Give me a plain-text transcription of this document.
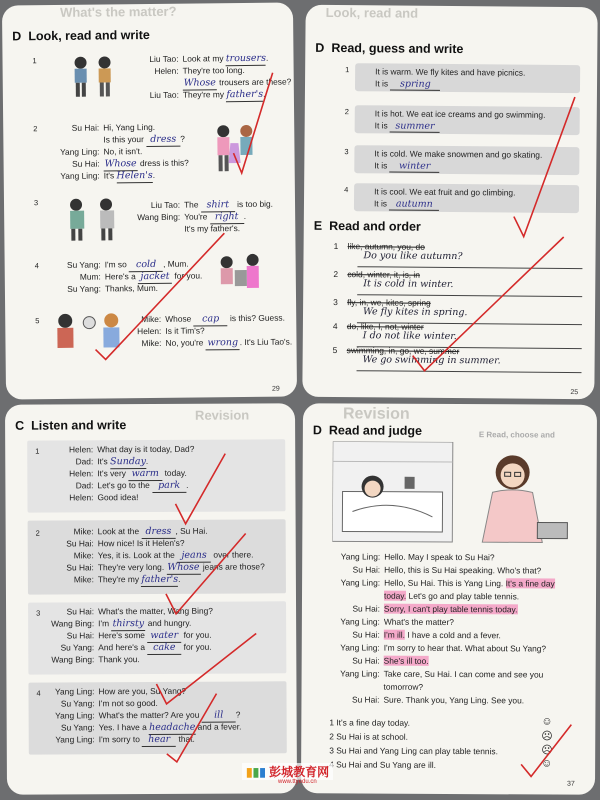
What's the matter?
D Look, read and write
1	Liu Tao: Look at my trousers.
Helen: They're too long.
Whose trousers are these?
Liu Tao: They're my father's.
2	Su Hai: Hi, Yang Ling.
Is this your dress ?
Yang Ling: No, it isn't.
Su Hai: Whose dress is this?
Yang Ling: It's Helen's.
3	Liu Tao: The shirt is too big.
Wang Bing: You're right .
It's my father's.
4	Su Yang: I'm so cold , Mum.
Mum: Here's a jacket for you.
Su Yang: Thanks, Mum.
5	Mike: Whose cap is this? Guess.
Helen: Is it Tim's?
Mike: No, you're wrong . It's Liu Tao's.
29
Look, read and
D Read, guess and write
1	It is warm. We fly kites and have picnics.
It is spring
2	It is hot. We eat ice creams and go swimming.
It is summer
3	It is cold. We make snowmen and go skating.
It is winter
4	It is cool. We eat fruit and go climbing.
It is autumn
E Read and order
1 like, autumn, you, do
Do you like autumn?
2 cold, winter, it, is, in
It is cold in winter.
3 fly, in, we, kites, spring
We fly kites in spring.
4 do, like, I, not, winter
I do not like winter.
5 swimming, in, go, we, summer
We go swimming in summer.
25
Revision
C Listen and write
1	Helen: What day is it today, Dad?
Dad: It's Sunday.
Helen: It's very warm today.
Dad: Let's go to the park .
Helen: Good idea!
2	Mike: Look at the dress , Su Hai.
Su Hai: How nice! Is it Helen's?
Mike: Yes, it is. Look at the jeans over there.
Su Hai: They're very long. Whose jeans are those?
Mike: They're my father's.
3	Su Hai: What's the matter, Wang Bing?
Wang Bing: I'm thirsty and hungry.
Su Hai: Here's some water for you.
Su Yang: And here's a cake for you.
Wang Bing: Thank you.
4 Yang Ling: How are you, Su Yang?
Su Yang: I'm not so good.
Yang Ling: What's the matter? Are you ill ?
Su Yang: Yes. I have a headache and a fever.
Yang Ling: I'm sorry to hear that.
Revision
E Read, choose and
D Read and judge
Yang Ling: Hello. May I speak to Su Hai?
Su Hai: Hello, this is Su Hai speaking. Who's that?
Yang Ling: Hello, Su Hai. This is Yang Ling. It's a fine day
today. Let's go and play table tennis.
Su Hai: Sorry, I can't play table tennis today.
Yang Ling: What's the matter?
Su Hai: I'm ill. I have a cold and a fever.
Yang Ling: I'm sorry to hear that. What about Su Yang?
Su Hai: She's ill too.
Yang Ling: Take care, Su Hai. I can come and see you
tomorrow?
Su Hai: Sure. Thank you, Yang Ling. See you.
1 It's a fine day today.	☺
2 Su Hai is at school.	☹
3 Su Hai and Yang Ling can play table tennis.	☹
Su Hai and Su Yang are ill.	☺
37
▮▮▮ 彭城教育网
www.ttyedu.cn
